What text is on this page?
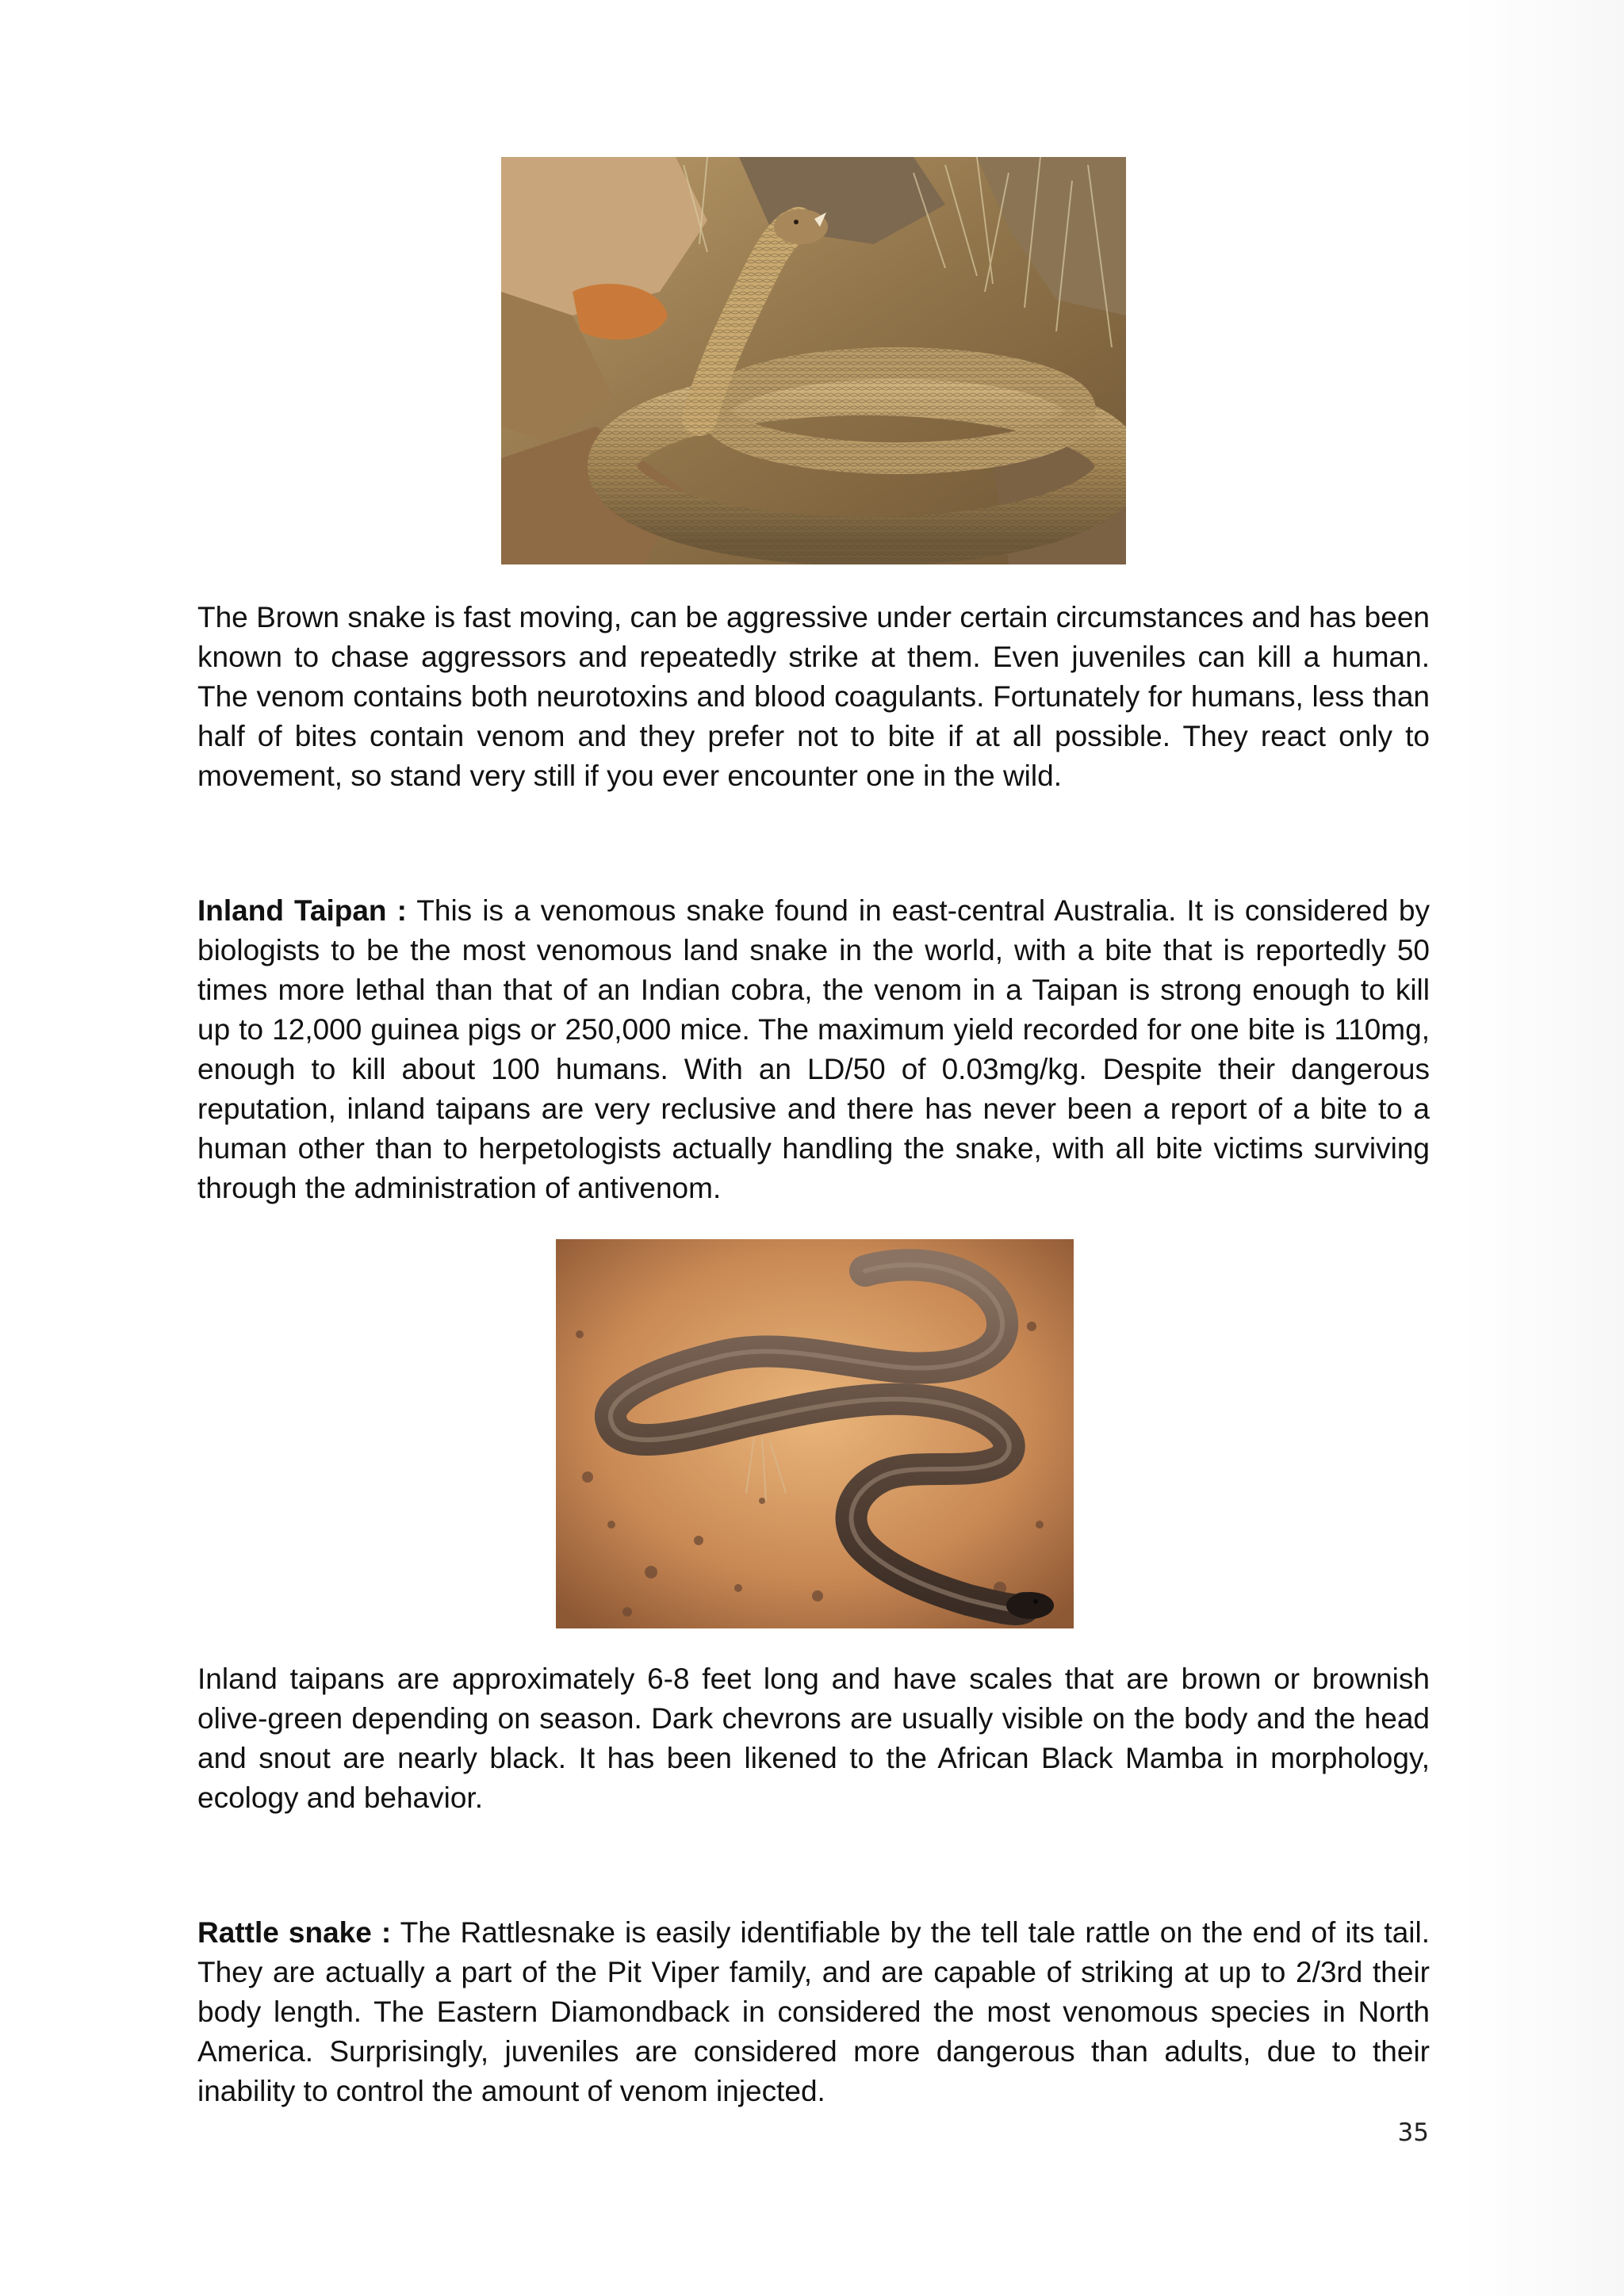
The Brown snake is fast moving, can be aggressive under certain circumstances and has been known to chase aggressors and repeatedly strike at them. Even juveniles can kill a human. The venom contains both neurotoxins and blood coagulants. Fortunately for humans, less than half of bites contain venom and they prefer not to bite if at all possible. They react only to movement, so stand very still if you ever encounter one in the wild.

Inland Taipan : This is a venomous snake found in east-central Australia. It is considered by biologists to be the most venomous land snake in the world, with a bite that is reportedly 50 times more lethal than that of an Indian cobra, the venom in a Taipan is strong enough to kill up to 12,000 guinea pigs or 250,000 mice. The maximum yield recorded for one bite is 110mg, enough to kill about 100 humans. With an LD/50 of 0.03mg/kg. Despite their dangerous reputation, inland taipans are very reclusive and there has never been a report of a bite to a human other than to herpetologists actually handling the snake, with all bite victims surviving through the administration of antivenom.

Inland taipans are approximately 6-8 feet long and have scales that are brown or brownish olive-green depending on season. Dark chevrons are usually visible on the body and the head and snout are nearly black. It has been likened to the African Black Mamba in morphology, ecology and behavior.

Rattle snake : The Rattlesnake is easily identifiable by the tell tale rattle on the end of its tail. They are actually a part of the Pit Viper family, and are capable of striking at up to 2/3rd their body length. The Eastern Diamondback in considered the most venomous species in North America. Surprisingly, juveniles are considered more dangerous than adults, due to their inability to control the amount of venom injected.

35
